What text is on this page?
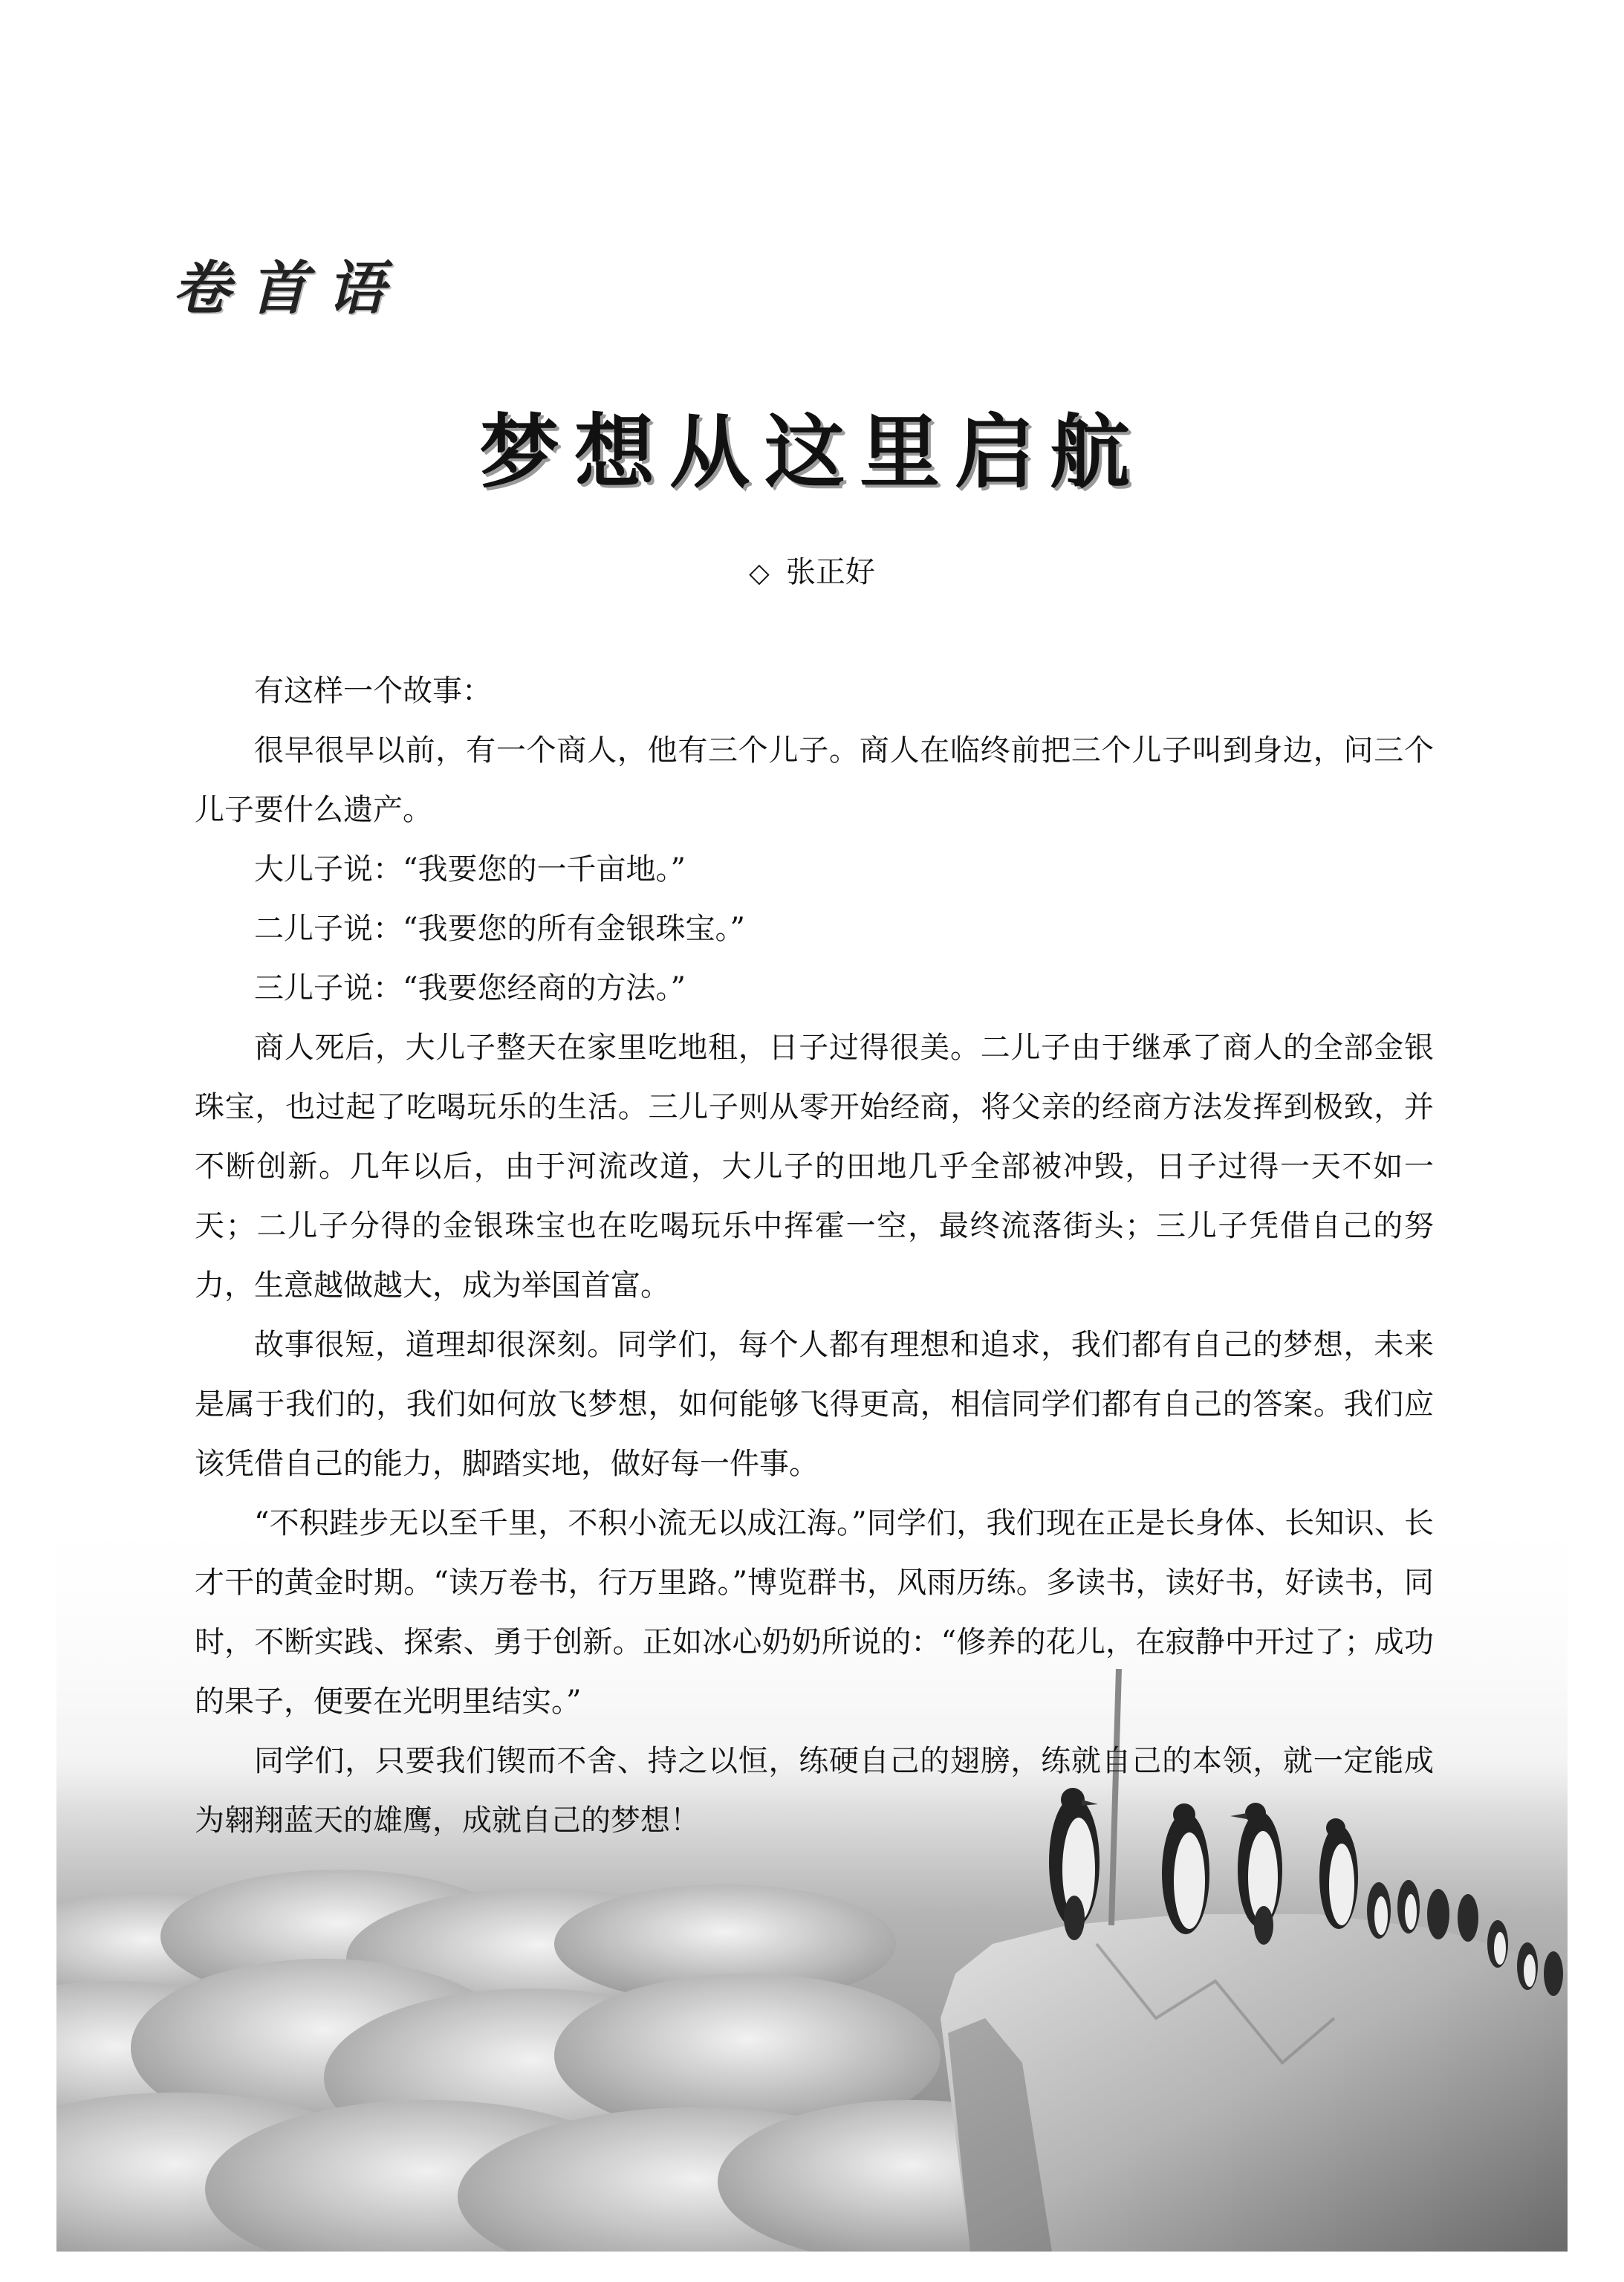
卷首语
梦想从这里启航
◇ 张正好

有这样一个故事：

很早很早以前，有一个商人，他有三个儿子。商人在临终前把三个儿子叫到身边，问三个儿子要什么遗产。

大儿子说：“我要您的一千亩地。”

二儿子说：“我要您的所有金银珠宝。”

三儿子说：“我要您经商的方法。”

商人死后，大儿子整天在家里吃地租，日子过得很美。二儿子由于继承了商人的全部金银珠宝，也过起了吃喝玩乐的生活。三儿子则从零开始经商，将父亲的经商方法发挥到极致，并不断创新。几年以后，由于河流改道，大儿子的田地几乎全部被冲毁，日子过得一天不如一天；二儿子分得的金银珠宝也在吃喝玩乐中挥霍一空，最终流落街头；三儿子凭借自己的努力，生意越做越大，成为举国首富。

故事很短，道理却很深刻。同学们，每个人都有理想和追求，我们都有自己的梦想，未来是属于我们的，我们如何放飞梦想，如何能够飞得更高，相信同学们都有自己的答案。我们应该凭借自己的能力，脚踏实地，做好每一件事。

“不积跬步无以至千里，不积小流无以成江海。”同学们，我们现在正是长身体、长知识、长才干的黄金时期。“读万卷书，行万里路。”博览群书，风雨历练。多读书，读好书，好读书，同时，不断实践、探索、勇于创新。正如冰心奶奶所说的：“修养的花儿，在寂静中开过了；成功的果子，便要在光明里结实。”

同学们，只要我们锲而不舍、持之以恒，练硬自己的翅膀，练就自己的本领，就一定能成为翱翔蓝天的雄鹰，成就自己的梦想！
